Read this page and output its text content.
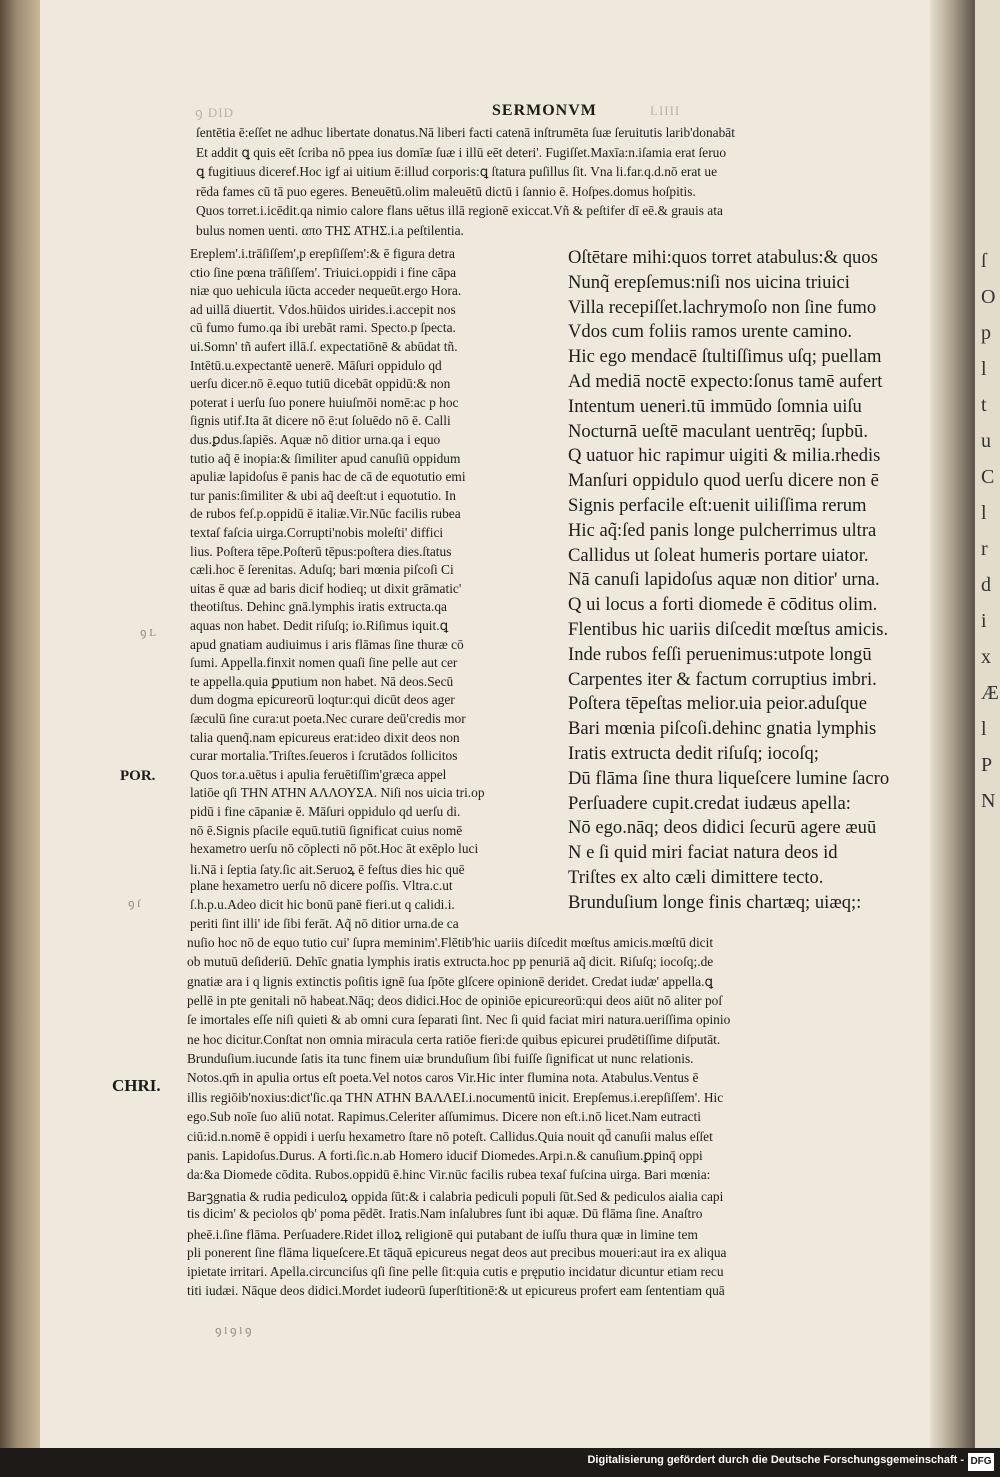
ſ
O
p
l
t
u
C
l
r
d
i
x
Æ
l
P
N
ꝯ DID	LIIII
SERMONVM
ſentētia ē:eſſet ne adhuc libertate donatus.Nā liberi facti catenā inſtrumēta ſuæ ſeruitutis larib'donabāt
Et addit ꝗ quis eēt ſcriba nō ppea ius domīæ ſuæ i illū eēt deteri'. Fugiſſet.Maxīa:n.iſamia erat ſeruo
ꝗ fugitiuus diceref.Hoc igf ai uitium ē:illud corporis:ꝗ ſtatura puſillus ſit. Vna li.far.q.d.nō erat ue
rēda fames cū tā puo egeres. Beneuētū.olim maleuētū dictū i ſannio ē. Hoſpes.domus hoſpitis.
Quos torret.i.icēdit.qa nimio calore flans uētus illā regionē exiccat.Vñ & peſtifer dī eē.& grauis ata
bulus nomen uenti. απο ΤΗΣ ΑΤΗΣ.i.a peſtilentia.
Ereplem'.i.trāſiſſem',p erepſiſſem':& ē figura detra
ctio ſine pœna trāſiſſem'. Triuici.oppidi i fine cāpa
niæ quo uehicula iūcta acceder nequeūt.ergo Hora.
ad uillā diuertit. Vdos.hūidos uirides.i.accepit nos
cū fumo fumo.qa ibi urebāt rami. Specto.p ſpecta.
ui.Somn' tñ aufert illā.ſ. expectatiōnē & abūdat tñ.
Intētū.u.expectantē uenerē. Māſuri oppidulo qd
uerſu dicer.nō ē.equo tutiū dicebāt oppidū:& non
poterat i uerſu ſuo ponere huiuſmōi nomē:ac p hoc
ſignis utif.Ita āt dicere nō ē:ut ſoluēdo nō ē. Calli
dus.ꝑdus.ſapiēs. Aquæ nō ditior urna.qa i equo
tutio aq̃ ē inopia:& ſimiliter apud canuſiū oppidum
apuliæ lapidoſus ē panis hac de cā de equotutio emi
tur panis:ſimiliter & ubi aq̃ deeſt:ut i equotutio. In
de rubos feſ.p.oppidū ē italiæ.Vir.Nūc facilis rubea
textaſ faſcia uirga.Corrupti'nobis moleſti' diffici
lius. Poſtera tēpe.Poſterū tēpus:poſtera dies.ſtatus
cæli.hoc ē ſerenitas. Aduſq; bari mœnia piſcoſi Ci
uitas ē quæ ad baris dicif hodieq; ut dixit grāmatic'
theotiſtus. Dehinc gnā.lymphis iratis extructa.qa
aquas non habet. Dedit riſuſq; io.Riſimus iquit.ꝗ
apud gnatiam audiuimus i aris flāmas ſine thuræ cō
ſumi. Appella.finxit nomen quaſi ſine pelle aut cer
te appella.quia ꝑputium non habet. Nā deos.Secū
dum dogma epicureorū loqtur:qui dicūt deos ager
ſæculū ſine cura:ut poeta.Nec curare deū'credis mor
talia quenq̃.nam epicureus erat:ideo dixit deos non
curar mortalia.'Triſtes.ſeueros i ſcrutādos ſollicitos
Quos tor.a.uētus i apulia feruētiſſim'græca appel
latiōe qſi ΤΗΝ ΑΤΗΝ ΑΛΛΟΥΣΑ. Niſi nos uicia tri.op
pidū i fine cāpaniæ ē. Māſuri oppidulo qd uerſu di.
nō ē.Signis pſacile equū.tutiū ſignificat cuius nomē
hexametro uerſu nō cōplecti nō pōt.Hoc āt exēplo luci
li.Nā i ſeptia ſaty.ſic ait.Seruoꝝ ē feſtus dies hic quē
plane hexametro uerſu nō dicere poſſis. Vltra.c.ut
ſ.h.p.u.Adeo dicit hic bonū panē fieri.ut q calidi.i.
periti ſint illi' ide ſibi ferāt. Aq̃ nō ditior urna.de ca
Oſtētare mihi:quos torret atabulus:& quos
Nunq̃ erepſemus:niſi nos uicina triuici
Villa recepiſſet.lachrymoſo non ſine fumo
Vdos cum foliis ramos urente camino.
Hic ego mendacē ſtultiſſimus uſq; puellam
Ad mediā noctē expecto:ſonus tamē aufert
Intentum ueneri.tū immūdo ſomnia uiſu
Nocturnā ueſtē maculant uentrēq; ſupbū.
Q uatuor hic rapimur uigiti & milia.rhedis
Manſuri oppidulo quod uerſu dicere non ē
Signis perfacile eſt:uenit uiliſſima rerum
Hic aq̃:ſed panis longe pulcherrimus ultra
Callidus ut ſoleat humeris portare uiator.
Nā canuſi lapidoſus aquæ non ditior' urna.
Q ui locus a forti diomede ē cōditus olim.
Flentibus hic uariis diſcedit mœſtus amicis.
Inde rubos feſſi peruenimus:utpote longū
Carpentes iter & factum corruptius imbri.
Poſtera tēpeſtas melior.uia peior.aduſque
Bari mœnia piſcoſi.dehinc gnatia lymphis
Iratis extructa dedit riſuſq; iocoſq;
Dū flāma ſine thura liqueſcere lumine ſacro
Perſuadere cupit.credat iudæus apella:
Nō ego.nāq; deos didici ſecurū agere æuū
N e ſi quid miri faciat natura deos id
Triſtes ex alto cæli dimittere tecto.
Brunduſium longe finis chartæq; uiæq;:
nuſio hoc nō de equo tutio cui' ſupra meminim'.Flētib'hic uariis diſcedit mœſtus amicis.mœſtū dicit
ob mutuū deſideriū. Dehīc gnatia lymphis iratis extructa.hoc pp penuriā aq̃ dicit. Riſuſq; iocoſq;.de
gnatiæ ara i q lignis extinctis poſitis ignē ſua ſpōte glſcere opinionē deridet. Credat iudæ' appella.ꝗ
pellē in pte genitali nō habeat.Nāq; deos didici.Hoc de opiniōe epicureorū:qui deos aiūt nō aliter poſ
ſe imortales eſſe niſi quieti & ab omni cura ſeparati ſint. Nec ſi quid faciat miri natura.ueriſſima opinio
ne hoc dicitur.Conſtat non omnia miracula certa ratiōe fieri:de quibus epicurei prudētiſſime diſputāt.
Brunduſium.iucunde ſatis ita tunc finem uiæ brunduſium ſibi fuiſſe ſignificat ut nunc relationis.
Notos.qm̄ in apulia ortus eſt poeta.Vel notos caros Vir.Hic inter flumina nota. Atabulus.Ventus ē
illis regiōib'noxius:dict'ſic.qa ΤΗΝ ΑΤΗΝ ΒΑΛΛΕΙ.i.nocumentū inicit. Erepſemus.i.erepſiſſem'. Hic
ego.Sub noīe ſuo aliū notat. Rapimus.Celeriter aſſumimus. Dicere non eſt.i.nō licet.Nam eutracti
ciū:id.n.nomē ē oppidi i uerſu hexametro ſtare nō poteſt. Callidus.Quia nouit qd̄ canuſii malus eſſet
panis. Lapidoſus.Durus. A forti.ſic.n.ab Homero iducif Diomedes.Arpi.n.& canuſium.ꝑpinq̄ oppi
da:&a Diomede cōdita. Rubos.oppidū ē.hinc Vir.nūc facilis rubea texaſ fuſcina uirga. Bari mœnia:
Barꝫgnatia & rudia pediculoꝝ oppida ſūt:& i calabria pediculi populi ſūt.Sed & pediculos aialia capi
tis dicim' & peciolos qb' poma pēdēt. Iratis.Nam inſalubres ſunt ibi aquæ. Dū flāma ſine. Anaſtro
pheē.i.ſine flāma. Perſuadere.Ridet illoꝝ religionē qui putabant de iuſſu thura quæ in limine tem
pli ponerent ſine flāma liqueſcere.Et tāquā epicureus negat deos aut precibus moueri:aut ira ex aliqua
ipietate irritari. Apella.circunciſus qſi ſine pelle ſit:quia cutis e pręputio incidatur dicuntur etiam recu
titi iudæi. Nāque deos didici.Mordet iudeorū ſuperſtitionē:& ut epicureus profert eam ſententiam quā
POR.
CHRI.
ꝯ L
ꝯ ſ
ꝯ l ꝯ l ꝯ
Digitalisierung gefördert durch die Deutsche Forschungsgemeinschaft - DFG
